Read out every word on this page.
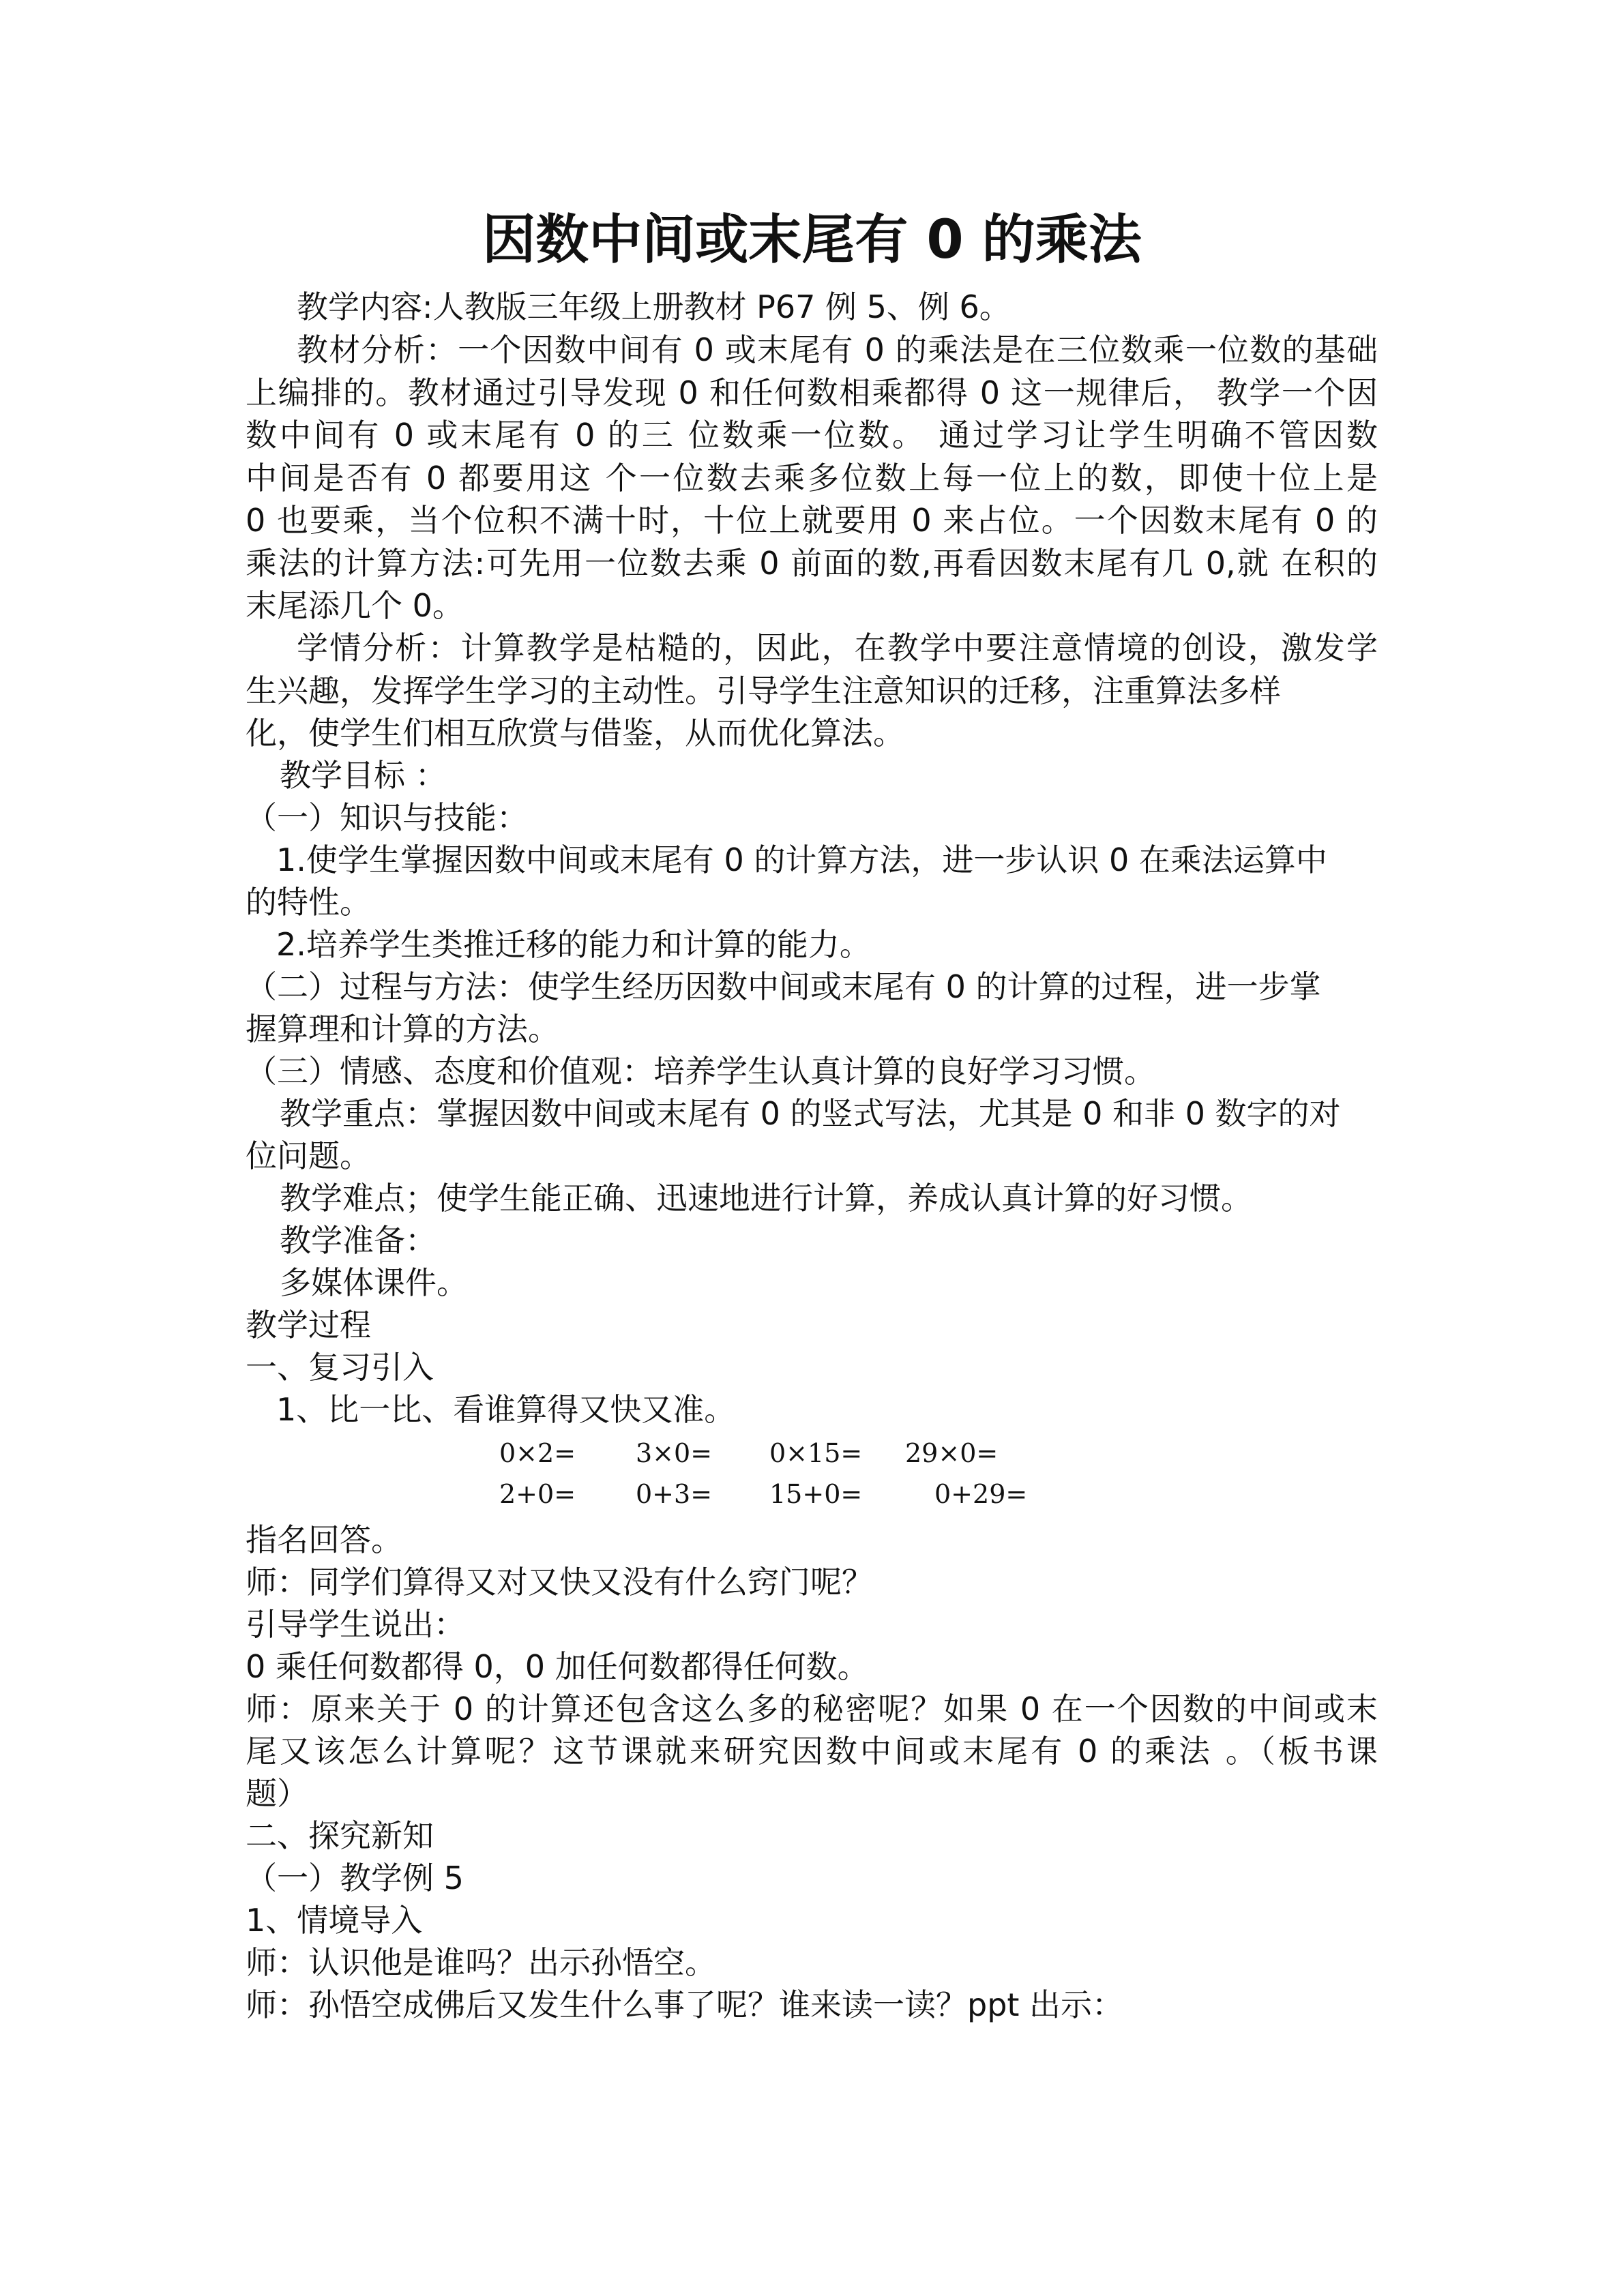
因数中间或末尾有 0 的乘法
教学内容:人教版三年级上册教材 P67 例 5、例 6。
教材分析：一个因数中间有 0 或末尾有 0 的乘法是在三位数乘一位数的基础
上编排的。教材通过引导发现 0 和任何数相乘都得 0 这一规律后， 教学一个因
数中间有 0 或末尾有 0 的三 位数乘一位数。 通过学习让学生明确不管因数
中间是否有 0 都要用这 个一位数去乘多位数上每一位上的数，即使十位上是
0 也要乘，当个位积不满十时，十位上就要用 0 来占位。一个因数末尾有 0 的
乘法的计算方法:可先用一位数去乘 0 前面的数,再看因数末尾有几 0,就 在积的
末尾添几个 0。
学情分析：计算教学是枯糙的，因此，在教学中要注意情境的创设，激发学
生兴趣，发挥学生学习的主动性。引导学生注意知识的迁移，注重算法多样
化，使学生们相互欣赏与借鉴，从而优化算法。
教学目标 ：
（一）知识与技能：
1.使学生掌握因数中间或末尾有 0 的计算方法，进一步认识 0 在乘法运算中
的特性。
2.培养学生类推迁移的能力和计算的能力。
（二）过程与方法：使学生经历因数中间或末尾有 0 的计算的过程，进一步掌
握算理和计算的方法。
（三）情感、态度和价值观：培养学生认真计算的良好学习习惯。
教学重点：掌握因数中间或末尾有 0 的竖式写法，尤其是 0 和非 0 数字的对
位问题。
教学难点；使学生能正确、迅速地进行计算，养成认真计算的好习惯。
教学准备：
多媒体课件。
教学过程
一、复习引入
1、比一比、看谁算得又快又准。
0×2= 3×0= 0×15= 29×0=
2+0= 0+3= 15+0=	0+29=
指名回答。
师：同学们算得又对又快又没有什么窍门呢？
引导学生说出：
0 乘任何数都得 0，0 加任何数都得任何数。
师：原来关于 0 的计算还包含这么多的秘密呢？如果 0 在一个因数的中间或末
尾又该怎么计算呢？这节课就来研究因数中间或末尾有 0 的乘法 。（板书课
题）
二、探究新知
（一）教学例 5
1、情境导入
师：认识他是谁吗？出示孙悟空。
师：孙悟空成佛后又发生什么事了呢？谁来读一读？ppt 出示：
